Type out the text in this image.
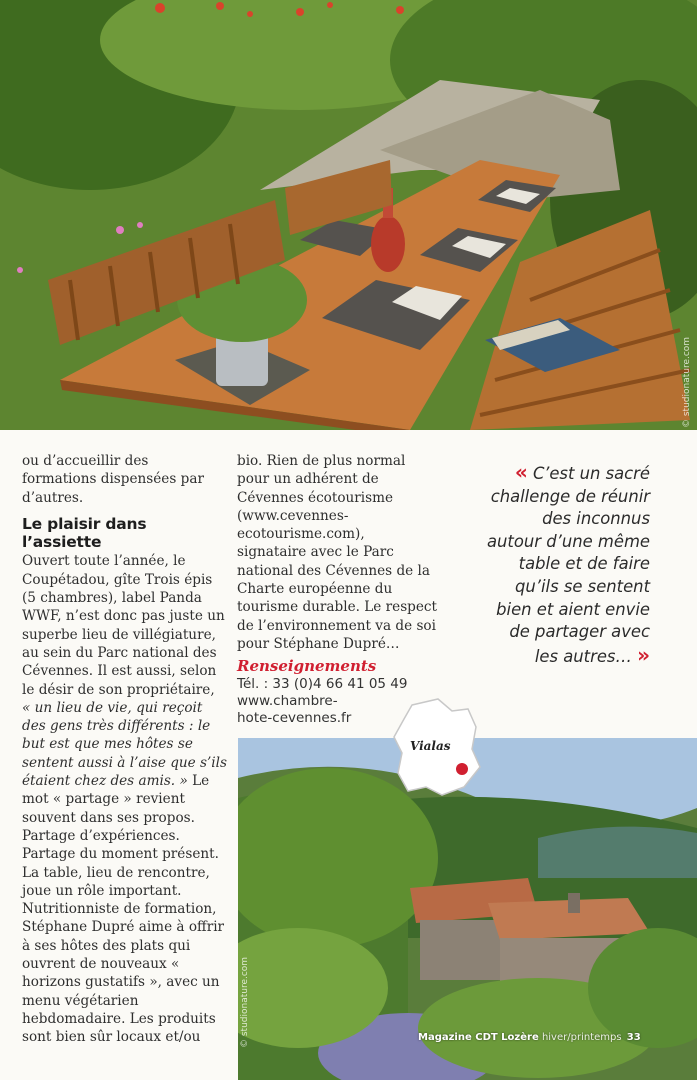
© studionature.com

ou d’accueillir des formations dispensées par d’autres.

Le plaisir dans l’assiette

Ouvert toute l’année, le Coupétadou, gîte Trois épis (5 chambres), label Panda WWF, n’est donc pas juste un superbe lieu de villégiature, au sein du Parc national des Cévennes. Il est aussi, selon le désir de son propriétaire, « un lieu de vie, qui reçoit des gens très différents : le but est que mes hôtes se sentent aussi à l’aise que s’ils étaient chez des amis. » Le mot « partage » revient souvent dans ses propos. Partage d’expériences. Partage du moment présent. La table, lieu de rencontre, joue un rôle important. Nutritionniste de formation, Stéphane Dupré aime à offrir à ses hôtes des plats qui ouvrent de nouveaux « horizons gustatifs », avec un menu végétarien hebdomadaire. Les produits sont bien sûr locaux et/ou

bio. Rien de plus normal pour un adhérent de Cévennes écotourisme (www.cevennes-ecotourisme.com), signataire avec le Parc national des Cévennes de la Charte européenne du tourisme durable. Le respect de l’environnement va de soi pour Stéphane Dupré…

Renseignements
Tél. : 33 (0)4 66 41 05 49
www.chambre-
hote-cevennes.fr
« C’est un sacré
challenge de réunir
des inconnus
autour d’une même
table et de faire
qu’ils se sentent
bien et aient envie
de partager avec
les autres… »
© studionature.com
Vialas
Magazine CDT Lozère hiver/printemps 33
